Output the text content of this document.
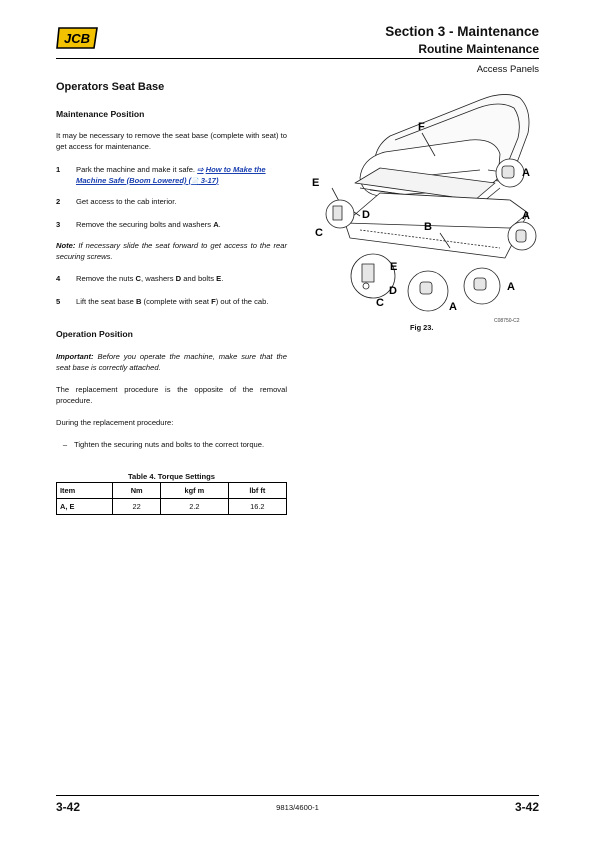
JCB	Section 3 - Maintenance
Routine Maintenance
Access Panels
Operators Seat Base
Maintenance Position

It may be necessary to remove the seat base (complete with seat) to get access for maintenance.

1	Park the machine and make it safe. ⇨ How to Make the Machine Safe (Boom Lowered) (📄 3-17)
2	Get access to the cab interior.
3	Remove the securing bolts and washers A.

Note: If necessary slide the seat forward to get access to the rear securing screws.

4	Remove the nuts C, washers D and bolts E.
5	Lift the seat base B (complete with seat F) out of the cab.
Operation Position

Important: Before you operate the machine, make sure that the seat base is correctly attached.

The replacement procedure is the opposite of the removal procedure.

During the replacement procedure:

– Tighten the securing nuts and bolts to the correct torque.

Table 4. Torque Settings
Item	Nm	kgf m	lbf ft
A, E	22	2.2	16.2
F
E
D
C	B
A
A
E
D
C
A
A
C08750-C2
Fig 23.
3-42	9813/4600-1	3-42
